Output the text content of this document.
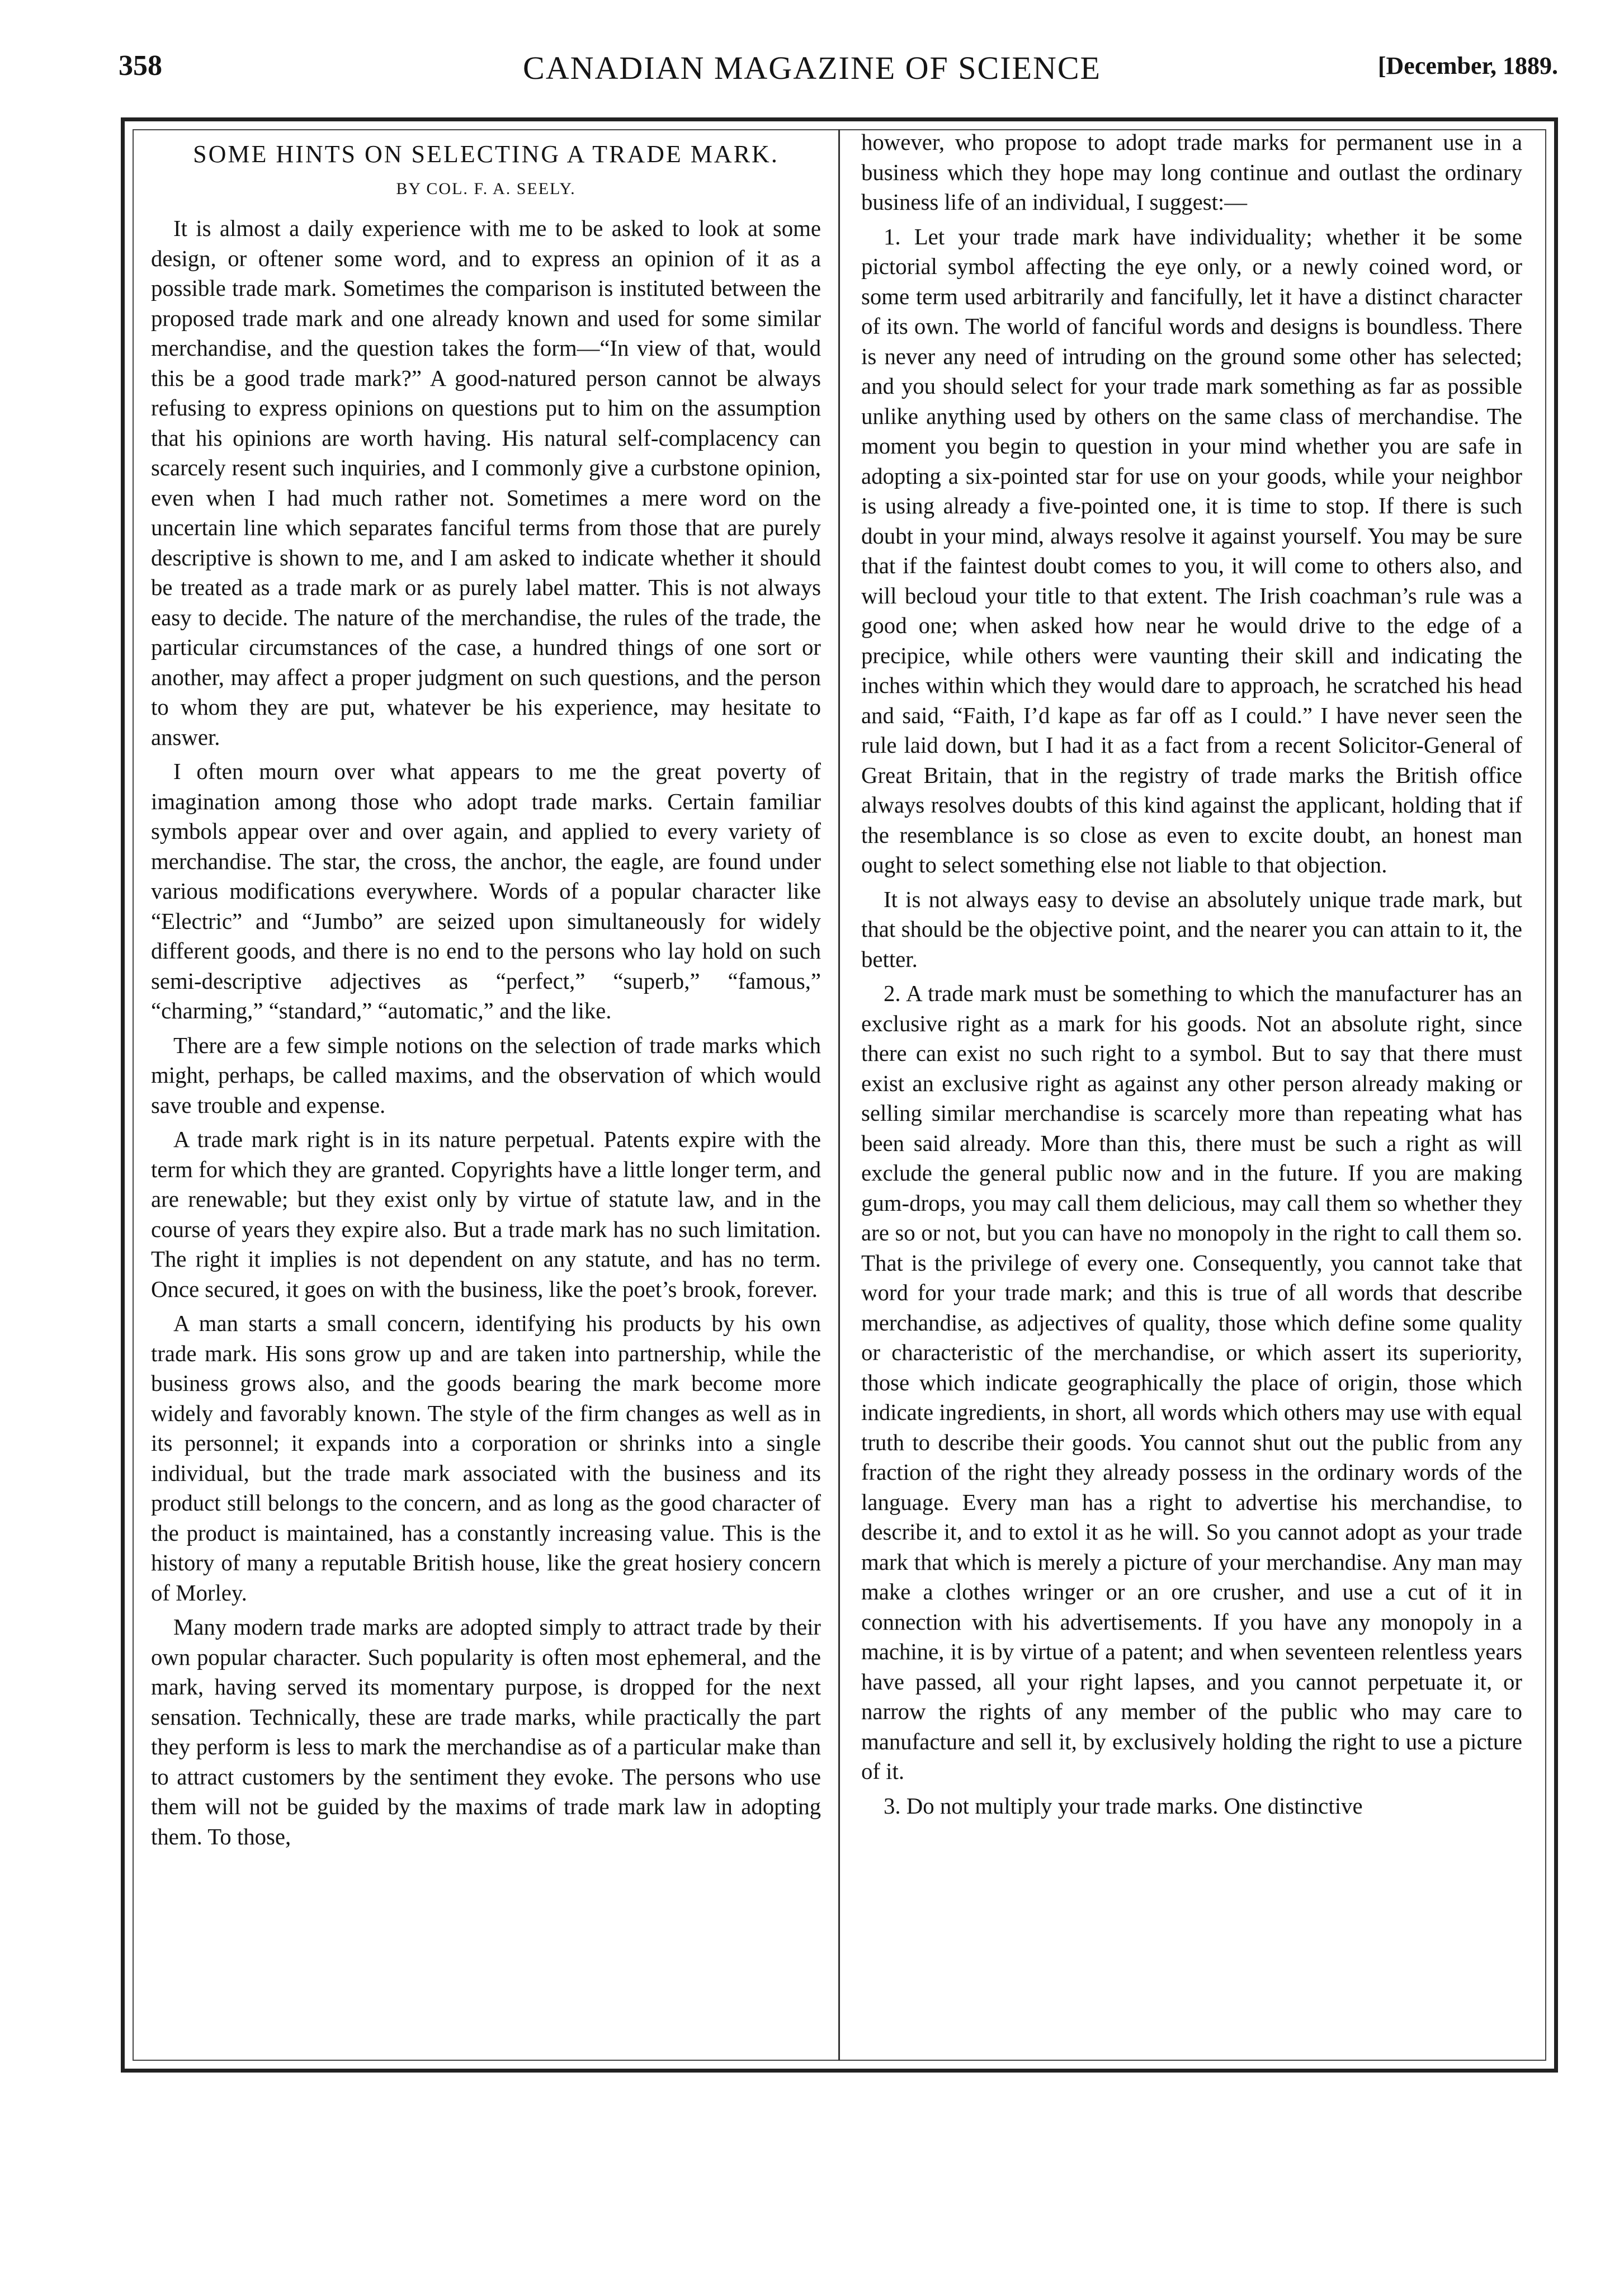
358	CANADIAN MAGAZINE OF SCIENCE	[December, 1889.
SOME HINTS ON SELECTING A TRADE MARK.
BY COL. F. A. SEELY.

It is almost a daily experience with me to be asked to look at some design, or oftener some word, and to express an opinion of it as a possible trade mark. Sometimes the comparison is instituted between the proposed trade mark and one already known and used for some similar merchandise, and the question takes the form—“In view of that, would this be a good trade mark?” A good-natured person cannot be always refusing to express opinions on questions put to him on the assumption that his opinions are worth having. His natural self-complacency can scarcely resent such inquiries, and I commonly give a curbstone opinion, even when I had much rather not. Sometimes a mere word on the uncertain line which separates fanciful terms from those that are purely descriptive is shown to me, and I am asked to indicate whether it should be treated as a trade mark or as purely label matter. This is not always easy to decide. The nature of the merchandise, the rules of the trade, the particular circumstances of the case, a hundred things of one sort or another, may affect a proper judgment on such questions, and the person to whom they are put, whatever be his experience, may hesitate to answer.

I often mourn over what appears to me the great poverty of imagination among those who adopt trade marks. Certain familiar symbols appear over and over again, and applied to every variety of merchandise. The star, the cross, the anchor, the eagle, are found under various modifications everywhere. Words of a popular character like “Electric” and “Jumbo” are seized upon simultaneously for widely different goods, and there is no end to the persons who lay hold on such semi-descriptive adjectives as “perfect,” “superb,” “famous,” “charming,” “standard,” “automatic,” and the like.

There are a few simple notions on the selection of trade marks which might, perhaps, be called maxims, and the observation of which would save trouble and expense.

A trade mark right is in its nature perpetual. Patents expire with the term for which they are granted. Copyrights have a little longer term, and are renewable; but they exist only by virtue of statute law, and in the course of years they expire also. But a trade mark has no such limitation. The right it implies is not dependent on any statute, and has no term. Once secured, it goes on with the business, like the poet’s brook, forever.

A man starts a small concern, identifying his products by his own trade mark. His sons grow up and are taken into partnership, while the business grows also, and the goods bearing the mark become more widely and favorably known. The style of the firm changes as well as in its personnel; it expands into a corporation or shrinks into a single individual, but the trade mark associated with the business and its product still belongs to the concern, and as long as the good character of the product is maintained, has a constantly increasing value. This is the history of many a reputable British house, like the great hosiery concern of Morley.

Many modern trade marks are adopted simply to attract trade by their own popular character. Such popularity is often most ephemeral, and the mark, having served its momentary purpose, is dropped for the next sensation. Technically, these are trade marks, while practically the part they perform is less to mark the merchandise as of a particular make than to attract customers by the sentiment they evoke. The persons who use them will not be guided by the maxims of trade mark law in adopting them. To those,

however, who propose to adopt trade marks for permanent use in a business which they hope may long continue and outlast the ordinary business life of an individual, I suggest:—

1. Let your trade mark have individuality; whether it be some pictorial symbol affecting the eye only, or a newly coined word, or some term used arbitrarily and fancifully, let it have a distinct character of its own. The world of fanciful words and designs is boundless. There is never any need of intruding on the ground some other has selected; and you should select for your trade mark something as far as possible unlike anything used by others on the same class of merchandise. The moment you begin to question in your mind whether you are safe in adopting a six-pointed star for use on your goods, while your neighbor is using already a five-pointed one, it is time to stop. If there is such doubt in your mind, always resolve it against yourself. You may be sure that if the faintest doubt comes to you, it will come to others also, and will becloud your title to that extent. The Irish coachman’s rule was a good one; when asked how near he would drive to the edge of a precipice, while others were vaunting their skill and indicating the inches within which they would dare to approach, he scratched his head and said, “Faith, I’d kape as far off as I could.” I have never seen the rule laid down, but I had it as a fact from a recent Solicitor-General of Great Britain, that in the registry of trade marks the British office always resolves doubts of this kind against the applicant, holding that if the resemblance is so close as even to excite doubt, an honest man ought to select something else not liable to that objection.

It is not always easy to devise an absolutely unique trade mark, but that should be the objective point, and the nearer you can attain to it, the better.

2. A trade mark must be something to which the manufacturer has an exclusive right as a mark for his goods. Not an absolute right, since there can exist no such right to a symbol. But to say that there must exist an exclusive right as against any other person already making or selling similar merchandise is scarcely more than repeating what has been said already. More than this, there must be such a right as will exclude the general public now and in the future. If you are making gum-drops, you may call them delicious, may call them so whether they are so or not, but you can have no monopoly in the right to call them so. That is the privilege of every one. Consequently, you cannot take that word for your trade mark; and this is true of all words that describe merchandise, as adjectives of quality, those which define some quality or characteristic of the merchandise, or which assert its superiority, those which indicate geographically the place of origin, those which indicate ingredients, in short, all words which others may use with equal truth to describe their goods. You cannot shut out the public from any fraction of the right they already possess in the ordinary words of the language. Every man has a right to advertise his merchandise, to describe it, and to extol it as he will. So you cannot adopt as your trade mark that which is merely a picture of your merchandise. Any man may make a clothes wringer or an ore crusher, and use a cut of it in connection with his advertisements. If you have any monopoly in a machine, it is by virtue of a patent; and when seventeen relentless years have passed, all your right lapses, and you cannot perpetuate it, or narrow the rights of any member of the public who may care to manufacture and sell it, by exclusively holding the right to use a picture of it.

3. Do not multiply your trade marks. One distinctive
